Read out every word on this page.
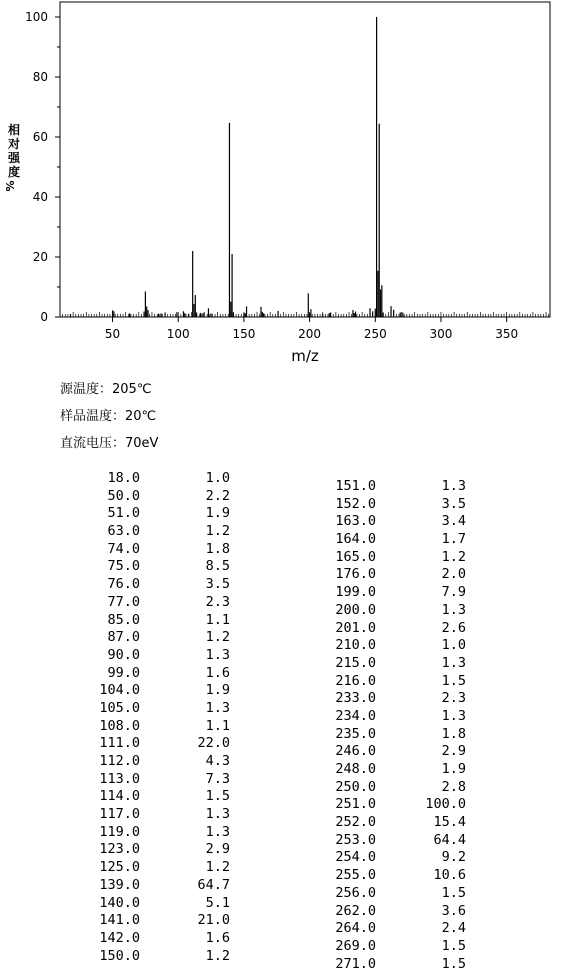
0
20
40
60
80
100
50	100	150	200	250	300	350
m/z
相
对
强
度
%
源温度：205℃
样品温度：20℃
直流电压：70eV
18.0	1.0
50.0	2.2
51.0	1.9
63.0	1.2
74.0	1.8
75.0	8.5
76.0	3.5
77.0	2.3
85.0	1.1
87.0	1.2
90.0	1.3
99.0	1.6
104.0	1.9
105.0	1.3
108.0	1.1
111.0	22.0
112.0	4.3
113.0	7.3
114.0	1.5
117.0	1.3
119.0	1.3
123.0	2.9
125.0	1.2
139.0	64.7
140.0	5.1
141.0	21.0
142.0	1.6
150.0	1.2
151.0	1.3
152.0	3.5
163.0	3.4
164.0	1.7
165.0	1.2
176.0	2.0
199.0	7.9
200.0	1.3
201.0	2.6
210.0	1.0
215.0	1.3
216.0	1.5
233.0	2.3
234.0	1.3
235.0	1.8
246.0	2.9
248.0	1.9
250.0	2.8
251.0	100.0
252.0	15.4
253.0	64.4
254.0	9.2
255.0	10.6
256.0	1.5
262.0	3.6
264.0	2.4
269.0	1.5
271.0	1.5
